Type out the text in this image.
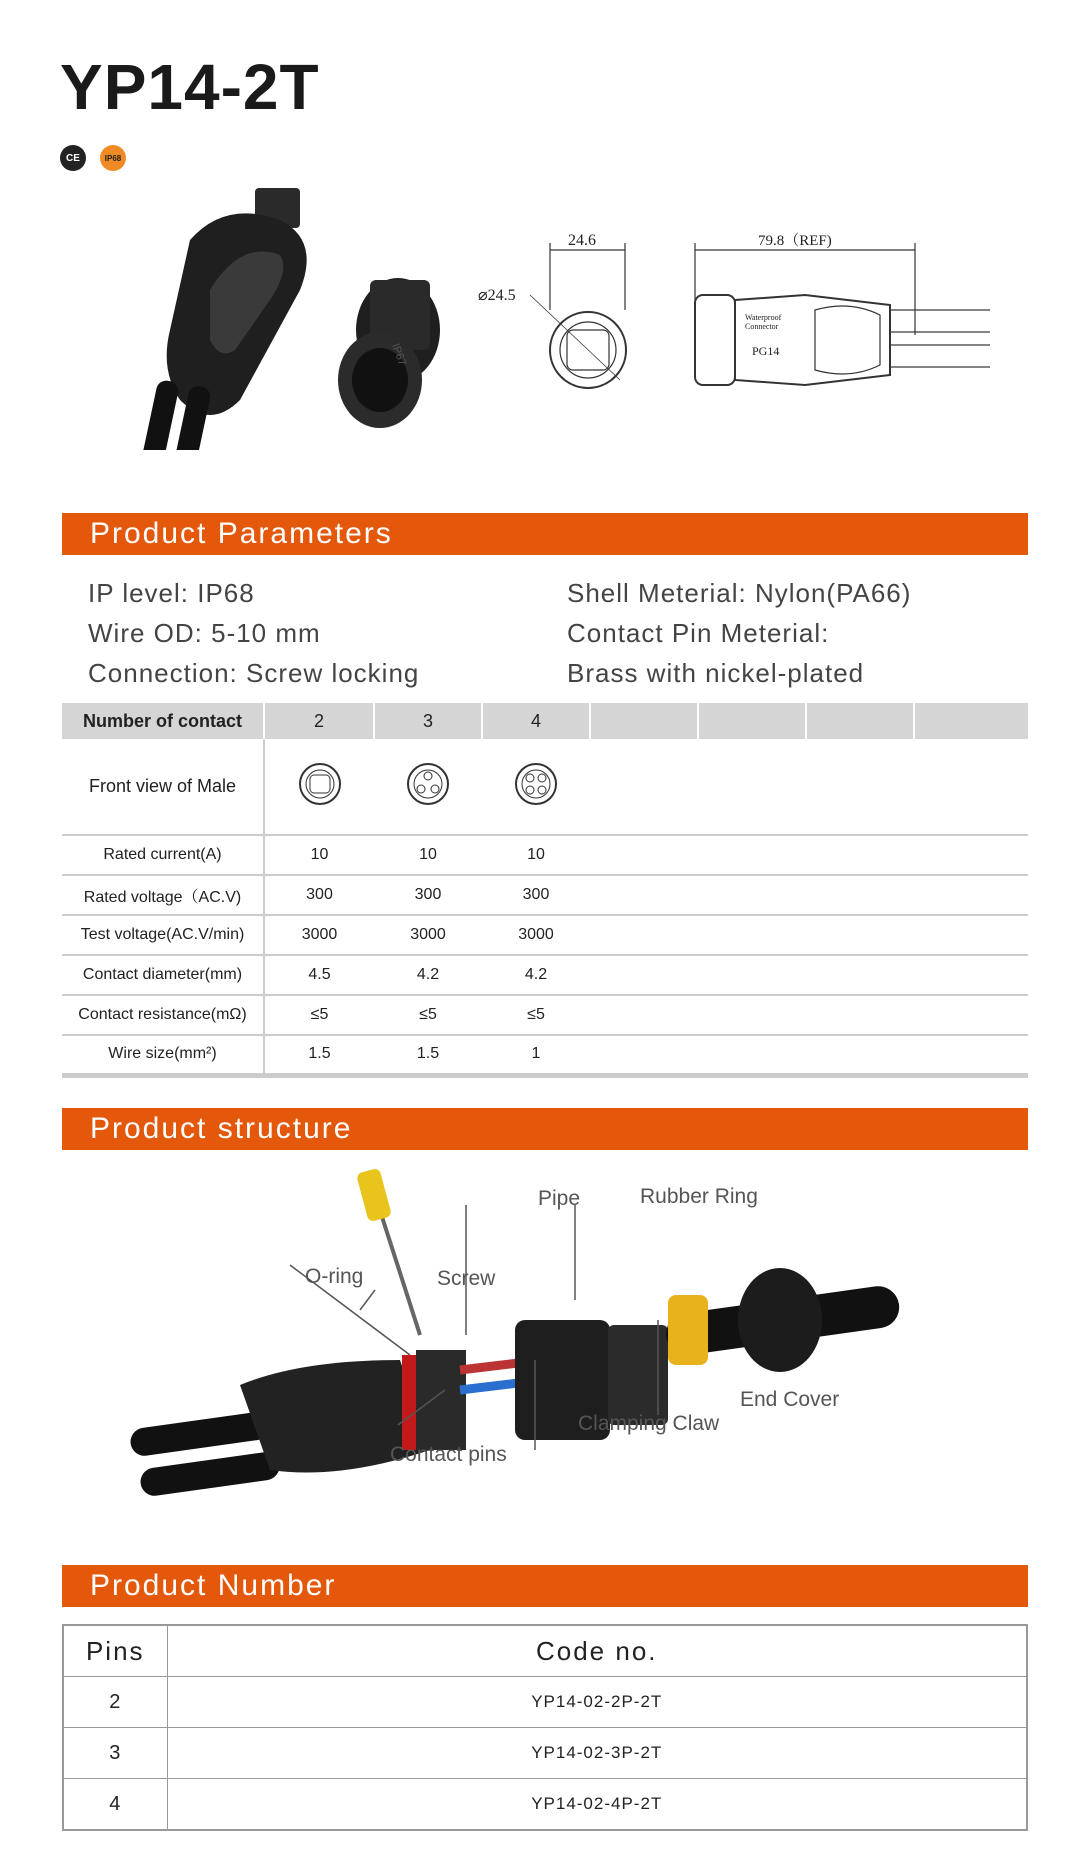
YP14-2T
CE	IP68
IP67
24.6
⌀24.5
79.8（REF)
Waterproof
Connector
PG14
Product Parameters
IP level: IP68
Wire OD: 5-10 mm
Connection: Screw locking
Shell Meterial: Nylon(PA66)
Contact Pin Meterial:
Brass with nickel-plated
Number of contact	2	3	4				
Front view of Male							
Rated current(A)	10	10	10				
Rated voltage（AC.V)	300	300	300				
Test voltage(AC.V/min)	3000	3000	3000				
Contact diameter(mm)	4.5	4.2	4.2				
Contact resistance(mΩ)	≤5	≤5	≤5				
Wire size(mm²)	1.5	1.5	1				
Product structure
Pipe	Rubber Ring
O-ring	Screw
End Cover
Clamping Claw
Contact pins
Product Number
Pins	Code no.
2	YP14-02-2P-2T
3	YP14-02-3P-2T
4	YP14-02-4P-2T
